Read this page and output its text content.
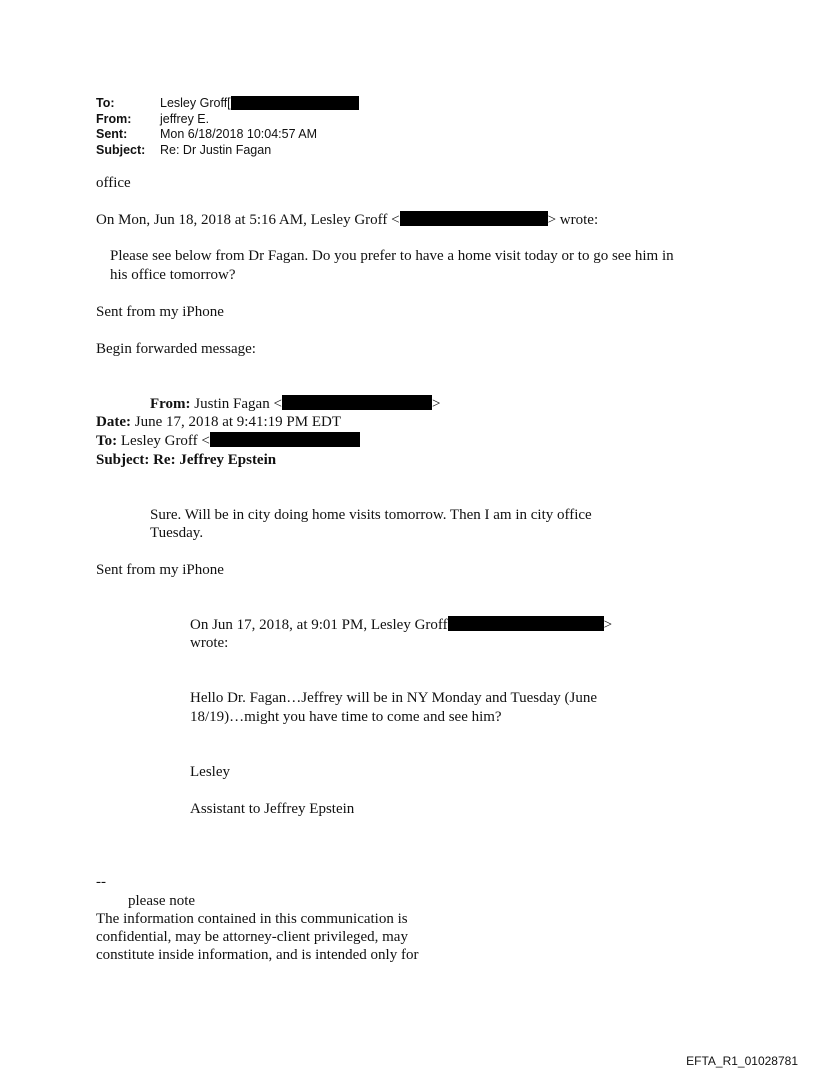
To:	Lesley Groff[
From:	jeffrey E.
Sent:	Mon 6/18/2018 10:04:57 AM
Subject:	Re: Dr Justin Fagan
office
On Mon, Jun 18, 2018 at 5:16 AM, Lesley Groff <	> wrote:
Please see below from Dr Fagan. Do you prefer to have a home visit today or to go see him in
his office tomorrow?
Sent from my iPhone
Begin forwarded message:
From: Justin Fagan <	>
Date: June 17, 2018 at 9:41:19 PM EDT
To: Lesley Groff <
Subject: Re: Jeffrey Epstein
Sure. Will be in city doing home visits tomorrow. Then I am in city office
Tuesday.
Sent from my iPhone
On Jun 17, 2018, at 9:01 PM, Lesley Groff	>
wrote:
Hello Dr. Fagan…Jeffrey will be in NY Monday and Tuesday (June
18/19)…might you have time to come and see him?
Lesley
Assistant to Jeffrey Epstein
--
please note
The information contained in this communication is
confidential, may be attorney-client privileged, may
constitute inside information, and is intended only for
EFTA_R1_01028781
